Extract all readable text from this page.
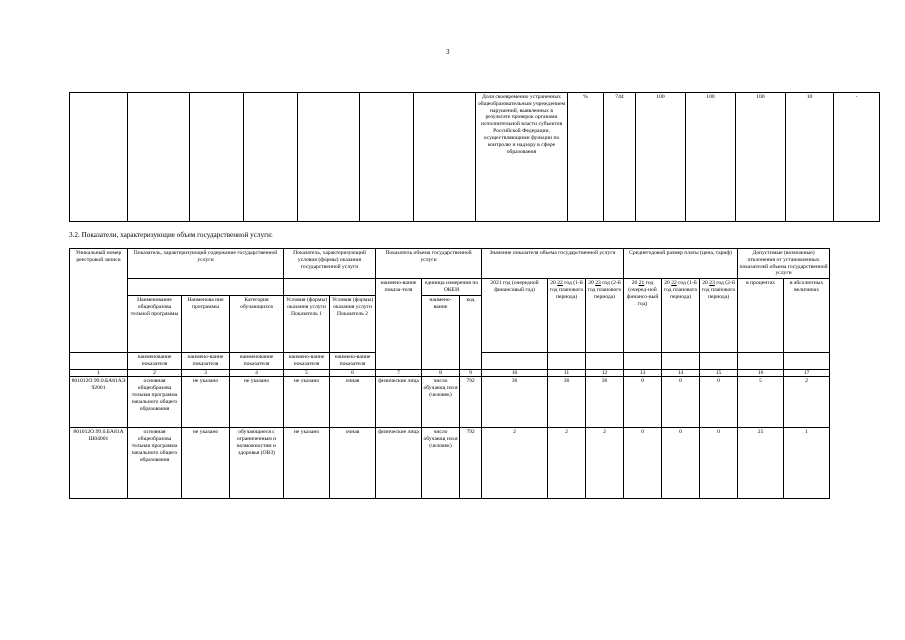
3
							Доля своевременно устраненных общеобразовательным учреждением нарушений, выявленных в результате проверок органами исполнительной власти субъектов Российской Федерации, осуществляющими функции по контролю и надзору в сфере образования	%	744	100	100	100	10	-
3.2. Показатели, характеризующие объем государственной услуги:
Уникальный номер реестровой записи	Показатель, характеризующий содержание государственной услуги			Показатель, характеризующий условия (формы) оказания государственной услуги		Показатель объема государственной услуги			Значение показателя объема государственной услуги			Среднегодовой размер платы (цена, тариф)			Допустимые (возможные) отклонения от установленных показателей объема государственной услуги	
						наимено-вание показа-теля	единица измерения по ОКЕИ		2021 год (очередной финансовый год)	20 22 год (1-й год планового периода)	20 23 год (2-й год планового периода)	20 21 год (очеред-ной финансо-вый год)	20 22 год (1-й год планового периода)	20 23 год (2-й год планового периода)	в процентах	в абсолютных величинах
	Наименование общеобразова тельной программы	Наименова ние программы	Категория обучающихся	Условия (формы) оказания услуги Показатель 1	Условия (формы) оказания услуги Показатель 2		наимено-вание	код								
	наименование показателя	наимено-вание показателя	наименование показателя	наимено-вание показателя	наимено-вание показателя											
1	2	3	4	5	6	7	8	9	10	11	12	13	14	15	16	17
801012О.99.0.БА81АЭ92001	основная общеобразова тельная программа начального общего образования	не указано	не указано	не указано	очная	физические лица	число обучающ ихся (человек)	792	36	36	36	0	0	0	5	2
801012О.99.0.БА81АШ04001	основная общеобразова тельная программа начального общего образования	не указано	обучающиеся с ограниченным и возможностям и здоровья (ОВЗ)	не указано	очная	физические лица	число обучающ ихся (человек)	792	2	2	2	0	0	0	25	1
